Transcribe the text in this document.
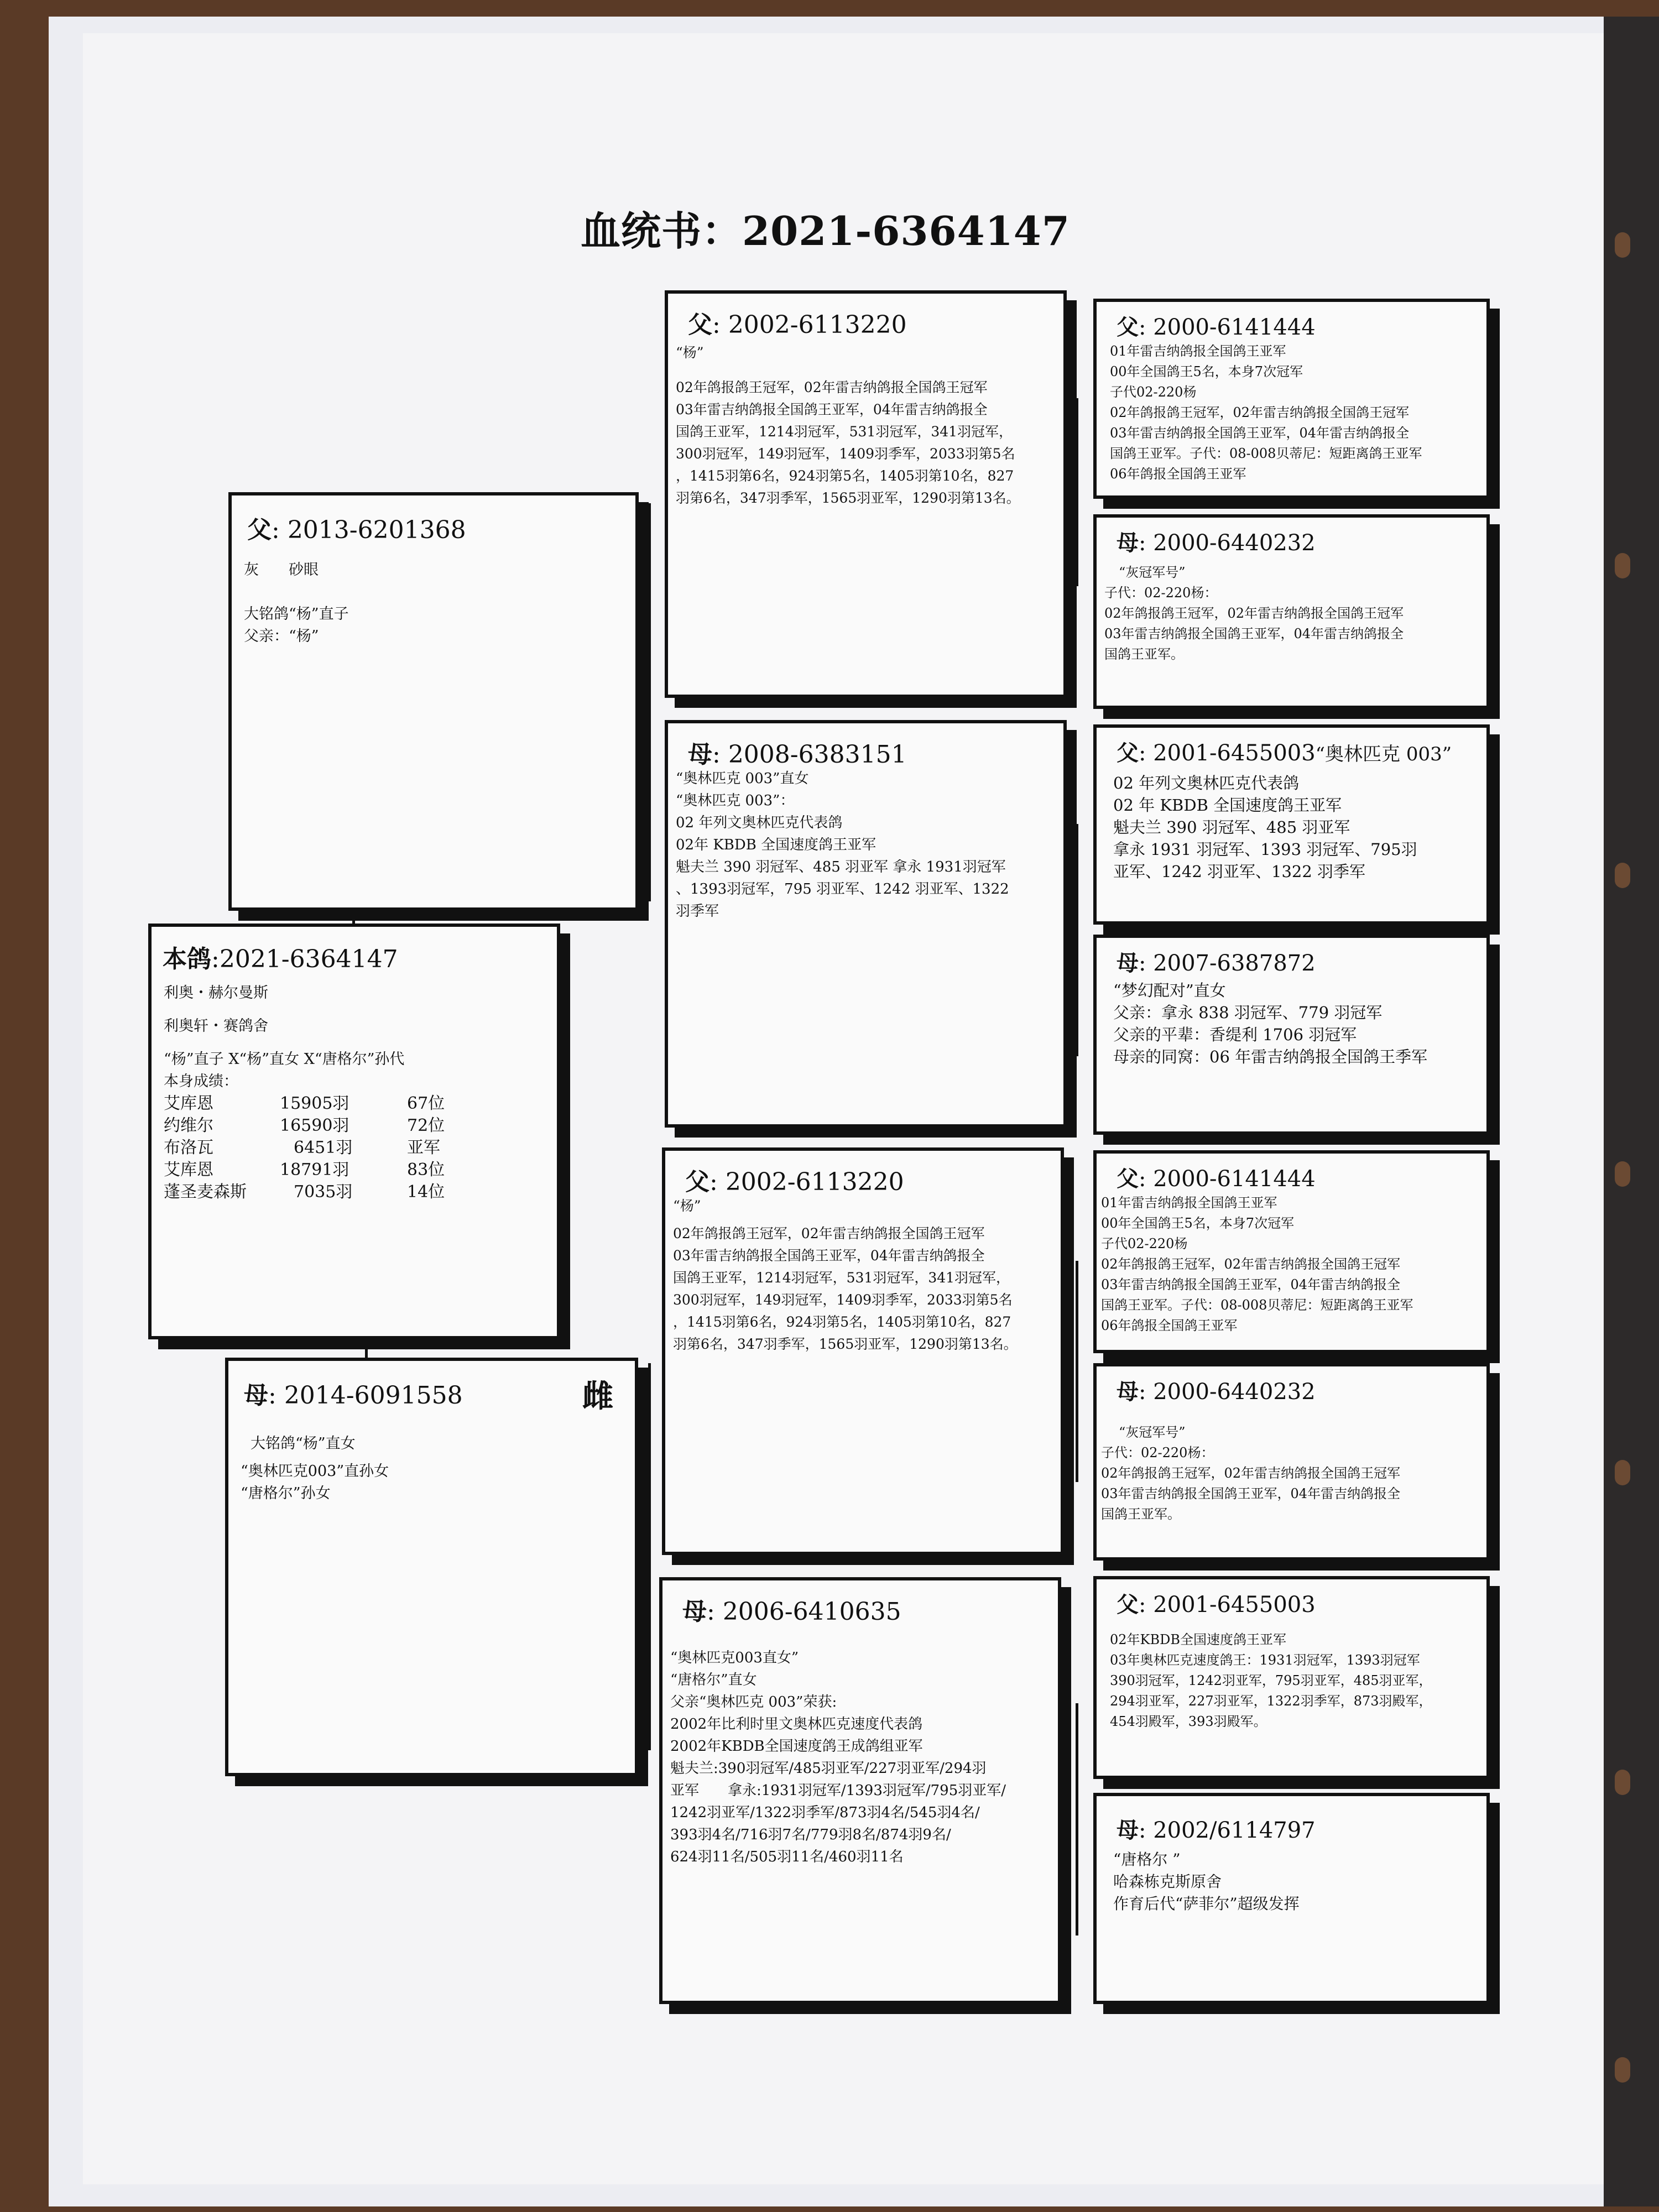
血统书：2021-6364147
父: 2013-6201368
灰　　砂眼
大铭鸽“杨”直子
父亲：“杨”
本鸽:2021-6364147
利奥・赫尔曼斯
利奥轩・赛鸽舍
“杨”直子 X“杨”直女 X“唐格尔”孙代
本身成绩：
艾库恩	15905羽	67位
约维尔	16590羽	72位
布洛瓦	6451羽	亚军
艾库恩	18791羽	83位
蓬圣麦森斯	7035羽	14位
母: 2014-6091558	雌
大铭鸽“杨”直女
“奥林匹克003”直孙女
“唐格尔”孙女
父: 2002-6113220
“杨”
02年鸽报鸽王冠军，02年雷吉纳鸽报全国鸽王冠军
03年雷吉纳鸽报全国鸽王亚军，04年雷吉纳鸽报全
国鸽王亚军，1214羽冠军，531羽冠军，341羽冠军，
300羽冠军，149羽冠军，1409羽季军，2033羽第5名
，1415羽第6名，924羽第5名，1405羽第10名，827
羽第6名，347羽季军，1565羽亚军，1290羽第13名。
母: 2008-6383151
“奥林匹克 003”直女
“奥林匹克 003”：
02 年列文奥林匹克代表鸽
02年 KBDB 全国速度鸽王亚军
魁夫兰 390 羽冠军、485 羽亚军 拿永 1931羽冠军
、1393羽冠军，795 羽亚军、1242 羽亚军、1322
羽季军
父: 2002-6113220
“杨”
02年鸽报鸽王冠军，02年雷吉纳鸽报全国鸽王冠军
03年雷吉纳鸽报全国鸽王亚军，04年雷吉纳鸽报全
国鸽王亚军，1214羽冠军，531羽冠军，341羽冠军，
300羽冠军，149羽冠军，1409羽季军，2033羽第5名
，1415羽第6名，924羽第5名，1405羽第10名，827
羽第6名，347羽季军，1565羽亚军，1290羽第13名。
母: 2006-6410635
“奥林匹克003直女”
“唐格尔”直女
父亲“奥林匹克 003”荣获:
2002年比利时里文奥林匹克速度代表鸽
2002年KBDB全国速度鸽王成鸽组亚军
魁夫兰:390羽冠军/485羽亚军/227羽亚军/294羽
亚军　　拿永:1931羽冠军/1393羽冠军/795羽亚军/
1242羽亚军/1322羽季军/873羽4名/545羽4名/
393羽4名/716羽7名/779羽8名/874羽9名/
624羽11名/505羽11名/460羽11名
父: 2000-6141444
01年雷吉纳鸽报全国鸽王亚军
00年全国鸽王5名，本身7次冠军
子代02-220杨
02年鸽报鸽王冠军，02年雷吉纳鸽报全国鸽王冠军
03年雷吉纳鸽报全国鸽王亚军，04年雷吉纳鸽报全
国鸽王亚军。子代：08-008贝蒂尼：短距离鸽王亚军
06年鸽报全国鸽王亚军
母: 2000-6440232
“灰冠军号”
子代：02-220杨：
02年鸽报鸽王冠军，02年雷吉纳鸽报全国鸽王冠军
03年雷吉纳鸽报全国鸽王亚军，04年雷吉纳鸽报全
国鸽王亚军。
父: 2001-6455003“奥林匹克 003”
02 年列文奥林匹克代表鸽
02 年 KBDB 全国速度鸽王亚军
魁夫兰 390 羽冠军、485 羽亚军
拿永 1931 羽冠军、1393 羽冠军、795羽
亚军、1242 羽亚军、1322 羽季军
母: 2007-6387872
“梦幻配对”直女
父亲：拿永 838 羽冠军、779 羽冠军
父亲的平辈：香缇利 1706 羽冠军
母亲的同窝：06 年雷吉纳鸽报全国鸽王季军
父: 2000-6141444
01年雷吉纳鸽报全国鸽王亚军
00年全国鸽王5名，本身7次冠军
子代02-220杨
02年鸽报鸽王冠军，02年雷吉纳鸽报全国鸽王冠军
03年雷吉纳鸽报全国鸽王亚军，04年雷吉纳鸽报全
国鸽王亚军。子代：08-008贝蒂尼：短距离鸽王亚军
06年鸽报全国鸽王亚军
母: 2000-6440232
“灰冠军号”
子代：02-220杨：
02年鸽报鸽王冠军，02年雷吉纳鸽报全国鸽王冠军
03年雷吉纳鸽报全国鸽王亚军，04年雷吉纳鸽报全
国鸽王亚军。
父: 2001-6455003
02年KBDB全国速度鸽王亚军
03年奥林匹克速度鸽王：1931羽冠军，1393羽冠军
390羽冠军，1242羽亚军，795羽亚军，485羽亚军，
294羽亚军，227羽亚军，1322羽季军，873羽殿军，
454羽殿军，393羽殿军。
母: 2002/6114797
“唐格尔 ”
哈森栋克斯原舍
作育后代“萨菲尔”超级发挥
